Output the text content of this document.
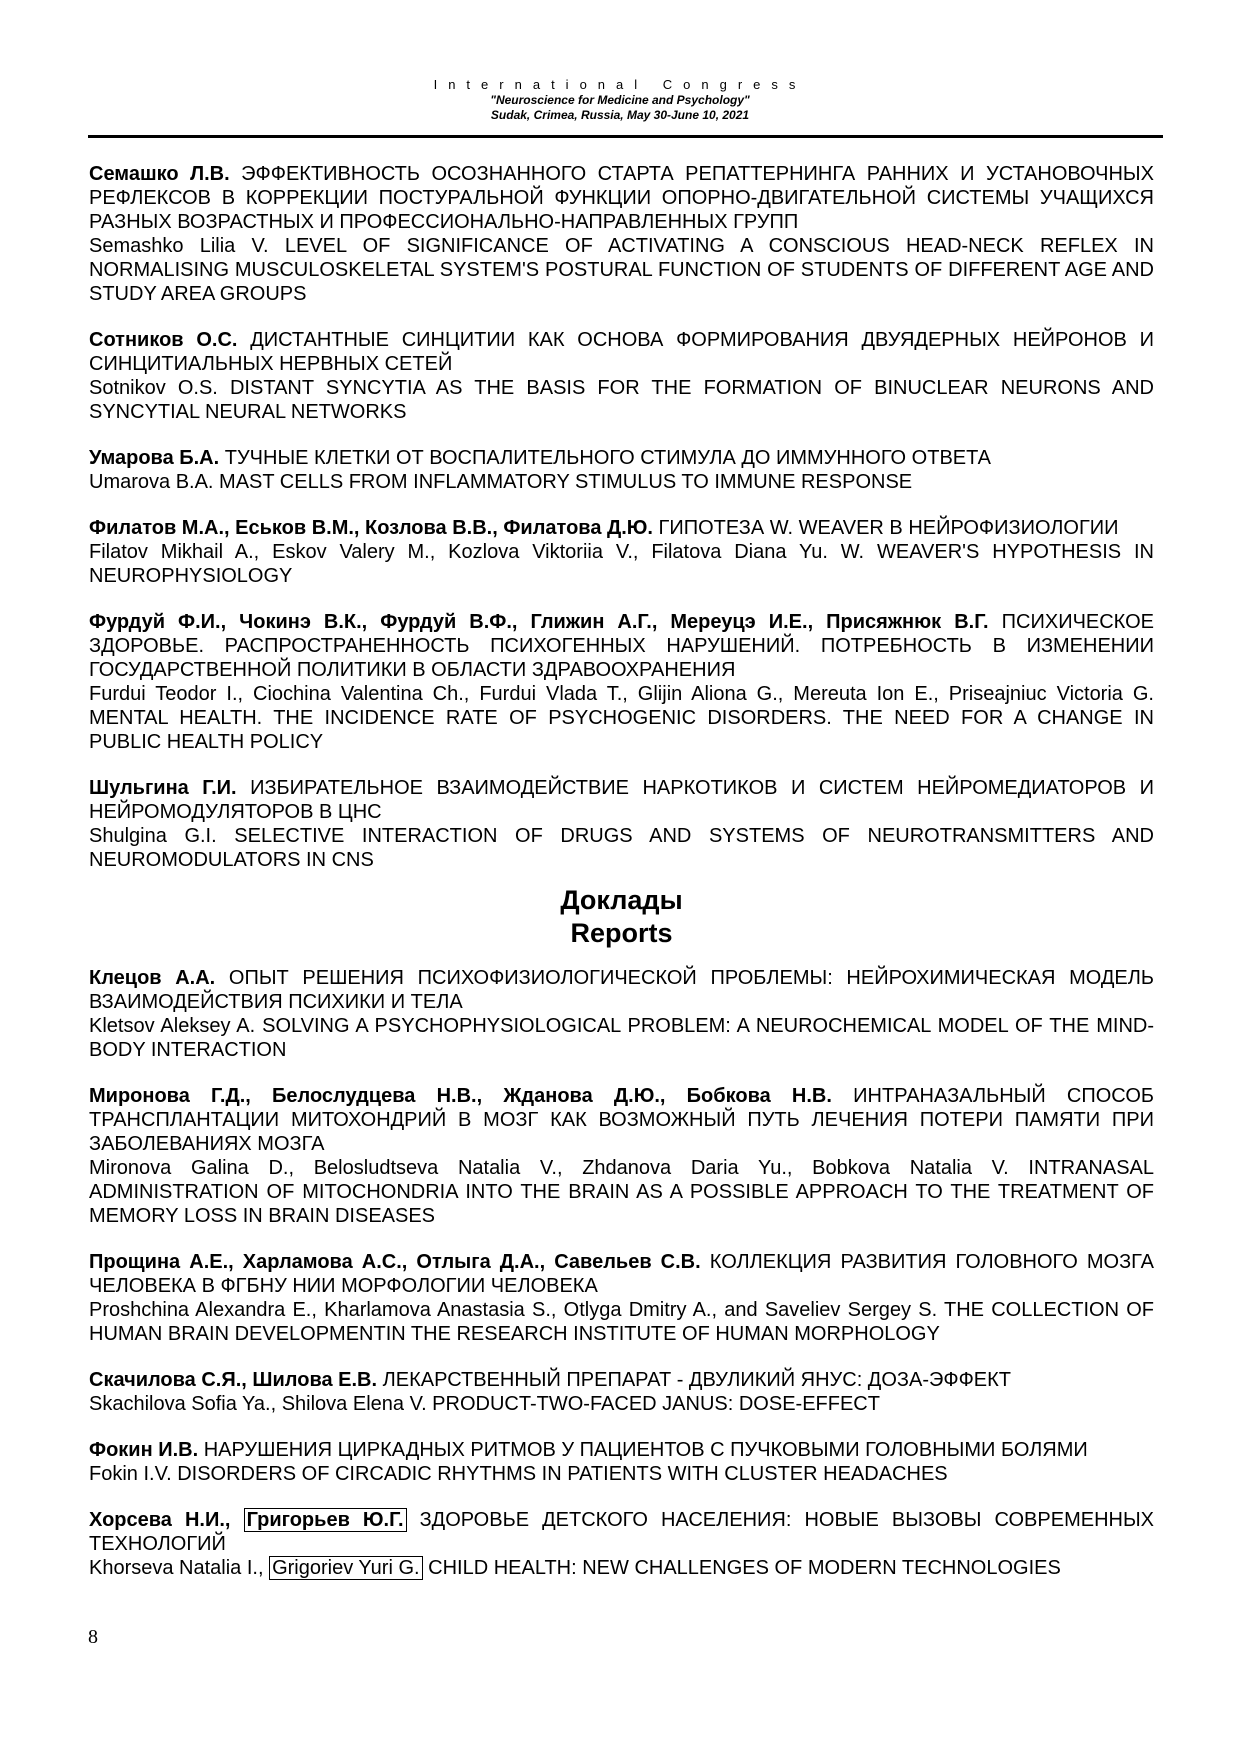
International Congress
"Neuroscience for Medicine and Psychology"
Sudak, Crimea, Russia, May 30-June 10, 2021
Семашко Л.В. ЭФФЕКТИВНОСТЬ ОСОЗНАННОГО СТАРТА РЕПАТТЕРНИНГА РАННИХ И УСТАНОВОЧНЫХ РЕФЛЕКСОВ В КОРРЕКЦИИ ПОСТУРАЛЬНОЙ ФУНКЦИИ ОПОРНО-ДВИГАТЕЛЬНОЙ СИСТЕМЫ УЧАЩИХСЯ РАЗНЫХ ВОЗРАСТНЫХ И ПРОФЕССИОНАЛЬНО-НАПРАВЛЕННЫХ ГРУПП
Semashko Lilia V. LEVEL OF SIGNIFICANCE OF ACTIVATING A CONSCIOUS HEAD-NECK REFLEX IN NORMALISING MUSCULOSKELETAL SYSTEM'S POSTURAL FUNCTION OF STUDENTS OF DIFFERENT AGE AND STUDY AREA GROUPS
Сотников О.С. ДИСТАНТНЫЕ СИНЦИТИИ КАК ОСНОВА ФОРМИРОВАНИЯ ДВУЯДЕРНЫХ НЕЙРОНОВ И СИНЦИТИАЛЬНЫХ НЕРВНЫХ СЕТЕЙ
Sotnikov O.S. DISTANT SYNCYTIA AS THE BASIS FOR THE FORMATION OF BINUCLEAR NEURONS AND SYNCYTIAL NEURAL NETWORKS
Умарова Б.А. ТУЧНЫЕ КЛЕТКИ ОТ ВОСПАЛИТЕЛЬНОГО СТИМУЛА ДО ИММУННОГО ОТВЕТА
Umarova B.A. MAST CELLS FROM INFLAMMATORY STIMULUS TO IMMUNE RESPONSE
Филатов М.А., Еськов В.М., Козлова В.В., Филатова Д.Ю. ГИПОТЕЗА W. WEAVER В НЕЙРОФИЗИОЛОГИИ
Filatov Mikhail A., Eskov Valery M., Kozlova Viktoriia V., Filatova Diana Yu. W. WEAVER'S HYPOTHESIS IN NEUROPHYSIOLOGY
Фурдуй Ф.И., Чокинэ В.К., Фурдуй В.Ф., Глижин А.Г., Мереуцэ И.Е., Присяжнюк В.Г. ПСИХИЧЕСКОЕ ЗДОРОВЬЕ. РАСПРОСТРАНЕННОСТЬ ПСИХОГЕННЫХ НАРУШЕНИЙ. ПОТРЕБНОСТЬ В ИЗМЕНЕНИИ ГОСУДАРСТВЕННОЙ ПОЛИТИКИ В ОБЛАСТИ ЗДРАВООХРАНЕНИЯ
Furdui Teodor I., Ciochina Valentina Ch., Furdui Vlada T., Glijin Aliona G., Mereuta Ion E., Priseajniuc Victoria G. MENTAL HEALTH. THE INCIDENCE RATE OF PSYCHOGENIC DISORDERS. THE NEED FOR A CHANGE IN PUBLIC HEALTH POLICY
Шульгина Г.И. ИЗБИРАТЕЛЬНОЕ ВЗАИМОДЕЙСТВИЕ НАРКОТИКОВ И СИСТЕМ НЕЙРОМЕДИАТОРОВ И НЕЙРОМОДУЛЯТОРОВ В ЦНС
Shulgina G.I. SELECTIVE INTERACTION OF DRUGS AND SYSTEMS OF NEUROTRANSMITTERS AND NEUROMODULATORS IN CNS
Доклады
Reports
Клецов А.А. ОПЫТ РЕШЕНИЯ ПСИХОФИЗИОЛОГИЧЕСКОЙ ПРОБЛЕМЫ: НЕЙРОХИМИЧЕСКАЯ МОДЕЛЬ ВЗАИМОДЕЙСТВИЯ ПСИХИКИ И ТЕЛА
Kletsov Aleksey A. SOLVING A PSYCHOPHYSIOLOGICAL PROBLEM: A NEUROCHEMICAL MODEL OF THE MIND-BODY INTERACTION
Миронова Г.Д., Белослудцева Н.В., Жданова Д.Ю., Бобкова Н.В. ИНТРАНАЗАЛЬНЫЙ СПОСОБ ТРАНСПЛАНТАЦИИ МИТОХОНДРИЙ В МОЗГ КАК ВОЗМОЖНЫЙ ПУТЬ ЛЕЧЕНИЯ ПОТЕРИ ПАМЯТИ ПРИ ЗАБОЛЕВАНИЯХ МОЗГА
Mironova Galina D., Belosludtseva Natalia V., Zhdanova Daria Yu., Bobkova Natalia V. INTRANASAL ADMINISTRATION OF MITOCHONDRIA INTO THE BRAIN AS A POSSIBLE APPROACH TO THE TREATMENT OF MEMORY LOSS IN BRAIN DISEASES
Прощина А.Е., Харламова А.С., Отлыга Д.А., Савельев С.В. КОЛЛЕКЦИЯ РАЗВИТИЯ ГОЛОВНОГО МОЗГА ЧЕЛОВЕКА В ФГБНУ НИИ МОРФОЛОГИИ ЧЕЛОВЕКА
Proshchina Alexandra E., Kharlamova Anastasia S., Otlyga Dmitry A., and Saveliev Sergey S. THE COLLECTION OF HUMAN BRAIN DEVELOPMENTIN THE RESEARCH INSTITUTE OF HUMAN MORPHOLOGY
Скачилова С.Я., Шилова Е.В. ЛЕКАРСТВЕННЫЙ ПРЕПАРАТ - ДВУЛИКИЙ ЯНУС: ДОЗА-ЭФФЕКТ
Skachilova Sofia Ya., Shilova Elena V. PRODUCT-TWO-FACED JANUS: DOSE-EFFECT
Фокин И.В. НАРУШЕНИЯ ЦИРКАДНЫХ РИТМОВ У ПАЦИЕНТОВ С ПУЧКОВЫМИ ГОЛОВНЫМИ БОЛЯМИ
Fokin I.V. DISORDERS OF CIRCADIC RHYTHMS IN PATIENTS WITH CLUSTER HEADACHES
Хорсева Н.И., Григорьев Ю.Г. ЗДОРОВЬЕ ДЕТСКОГО НАСЕЛЕНИЯ: НОВЫЕ ВЫЗОВЫ СОВРЕМЕННЫХ ТЕХНОЛОГИЙ
Khorseva Natalia I., Grigoriev Yuri G. CHILD HEALTH: NEW CHALLENGES OF MODERN TECHNOLOGIES
8
